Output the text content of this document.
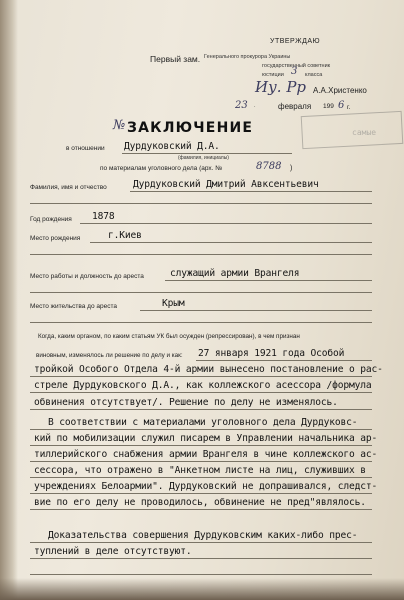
УТВЕРЖДАЮ
Первый зам. Генерального прокурора Украины
государственный советник
юстиции 3 класса
Иу. Рр А.А.Христенко
23 .	февраля 199 6 г.
самые
№ ЗАКЛЮЧЕНИЕ
в отношении Дурдуковский Д.А.
(фамилия, инициалы)
по материалам уголовного дела (арх. №	8788 )
Фамилия, имя и отчество	Дурдуковский Дмитрий Авксентьевич
Год рождения 1878
Место рождения	г.Киев
Место работы и должность до ареста	служащий армии Врангеля
Место жительства до ареста	Крым
Когда, каким органом, по каким статьям УК был осужден (репрессирован), в чем признан
виновным, изменялось ли решение по делу и как: 27 января 1921 года Особой
тройкой Особого Отдела 4-й армии вынесено постановление о рас-
стреле Дурдуковского Д.А., как коллежского асессора /формула
обвинения отсутствует/. Решение по делу не изменялось.
В соответствии с материалами уголовного дела Дурдуковс-
кий по мобилизации служил писарем в Управлении начальника ар-
тиллерийского снабжения армии Врангеля в чине коллежского ас-
сессора, что отражено в "Анкетном листе на лиц, служивших в
учреждениях Белоармии". Дурдуковский не допрашивался, следст-
вие по его делу не проводилось, обвинение не пред"являлось.
Доказательства совершения Дурдуковским каких-либо прес-
туплений в деле отсутствуют.
